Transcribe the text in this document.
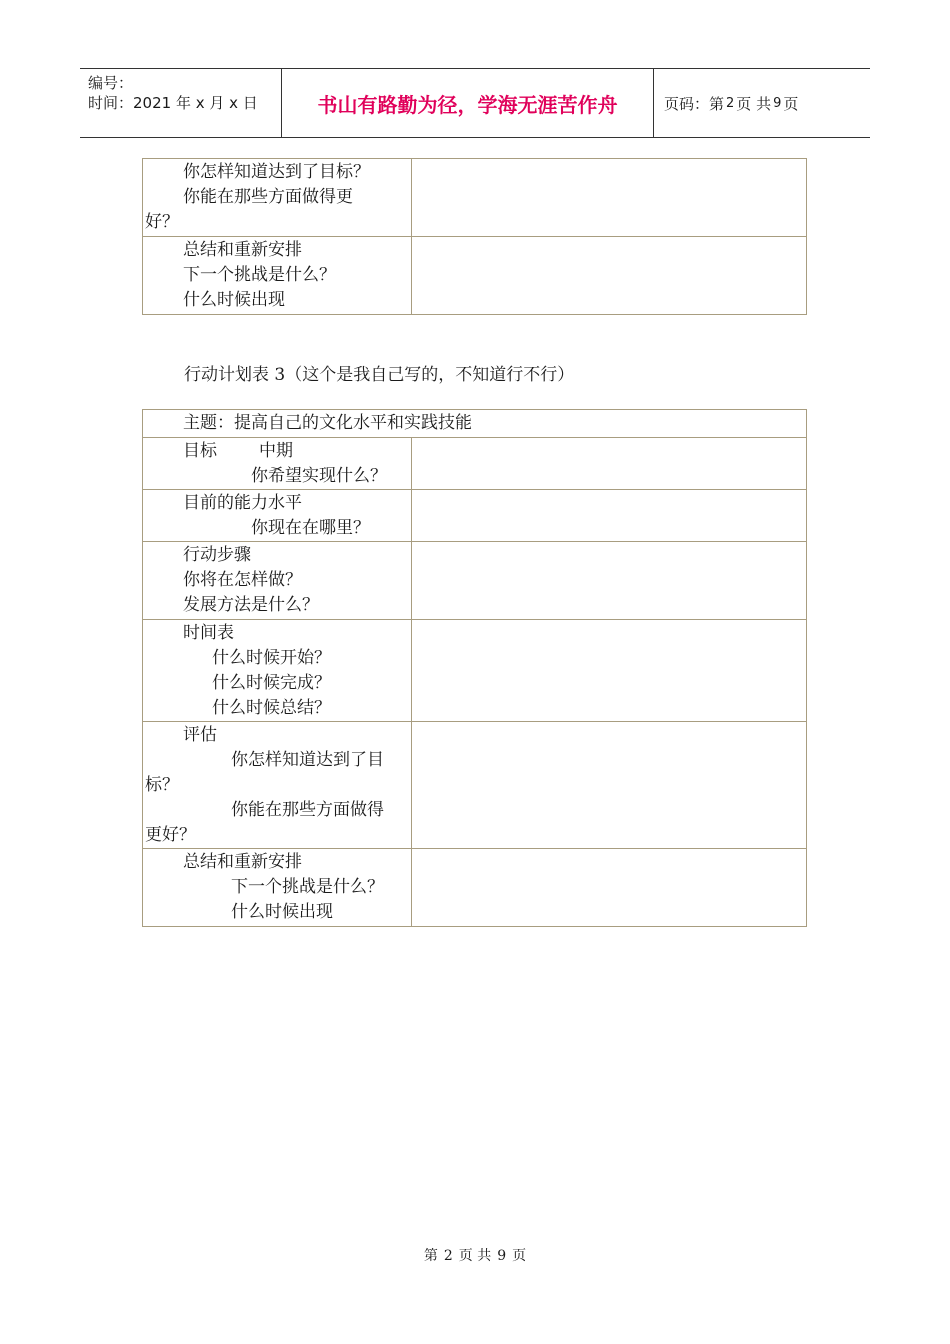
编号：
时间：2021 年 x 月 x 日	书山有路勤为径，学海无涯苦作舟	页码：第 2 页 共 9 页
你怎样知道达到了目标？
你能在那些方面做得更
好？
总结和重新安排
下一个挑战是什么？
什么时候出现
行动计划表 3（这个是我自己写的，不知道行不行）
主题：提高自己的文化水平和实践技能
目标 中期
你希望实现什么？
目前的能力水平
你现在在哪里？
行动步骤
你将在怎样做？
发展方法是什么？
时间表
什么时候开始？
什么时候完成？
什么时候总结？
评估
你怎样知道达到了目
标？
你能在那些方面做得
更好？
总结和重新安排
下一个挑战是什么？
什么时候出现
第 2 页 共 9 页
